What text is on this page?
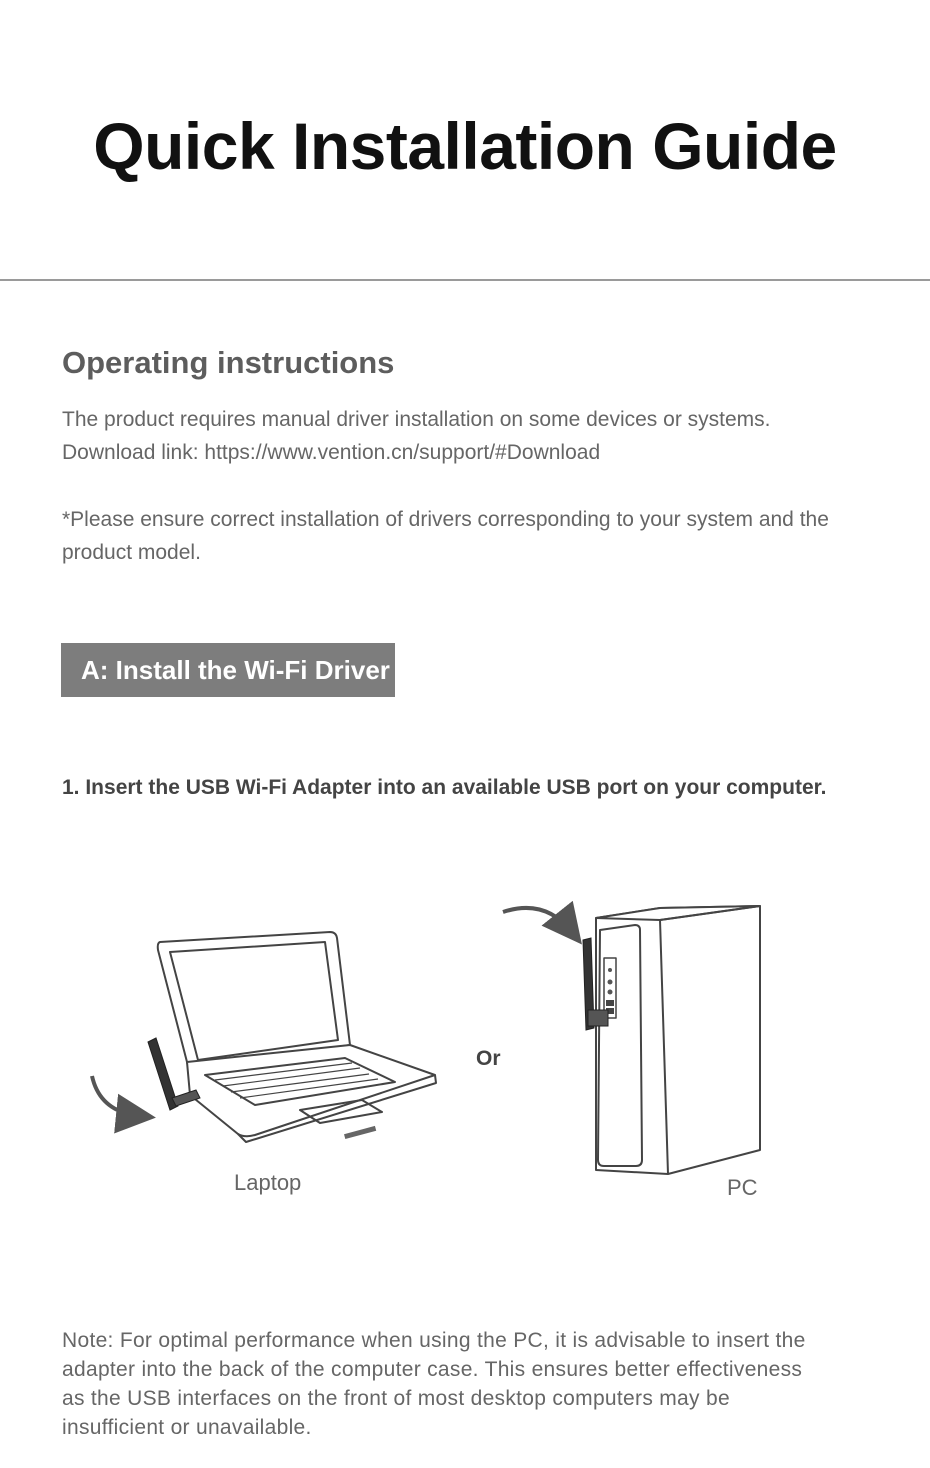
Quick Installation Guide
Operating instructions
The product requires manual driver installation on some devices or systems.
Download link: https://www.vention.cn/support/#Download
*Please ensure correct installation of drivers corresponding to your system and the product model.
A: Install the Wi-Fi Driver
1. Insert the USB Wi-Fi Adapter into an available USB port on your computer.
Laptop
Or
PC
Note: For optimal performance when using the PC, it is advisable to insert the adapter into the back of the computer case. This ensures better effectiveness as the USB interfaces on the front of most desktop computers may be insufficient or unavailable.
